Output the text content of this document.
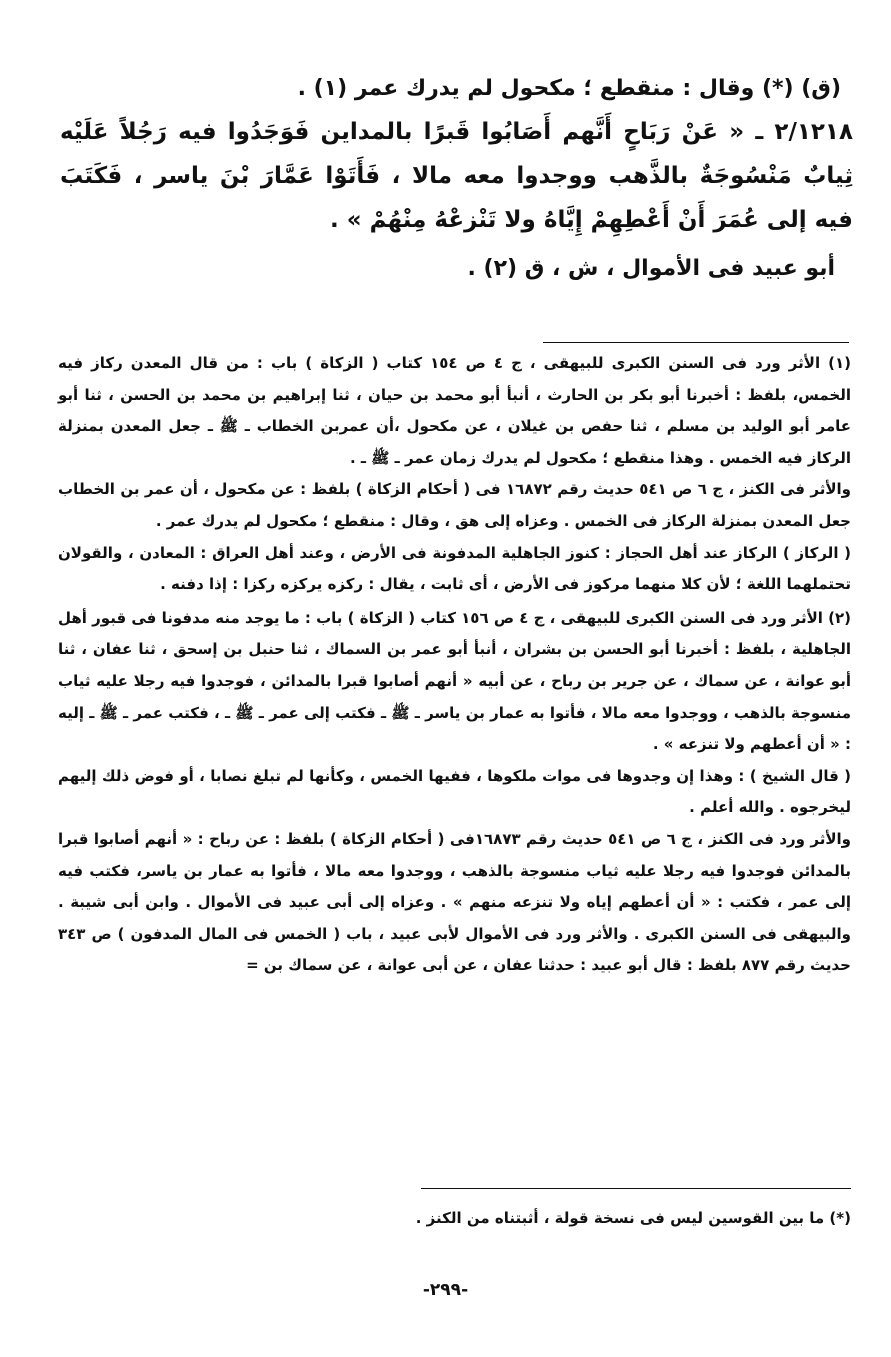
(ق) (*) وقال : منقطع ؛ مكحول لم يدرك عمر (١) .

٢/١٢١٨ ـ « عَنْ رَبَاحٍ أَنَّهم أَصَابُوا قَبرًا بالمداين فَوَجَدُوا فيه رَجُلاً عَلَيْه ثِيابٌ مَنْسُوجَةٌ بالذَّهب ووجدوا معه مالا ، فَأَتَوْا عَمَّارَ بْنَ ياسر ، فَكَتَبَ فيه إلى عُمَرَ أَنْ أَعْطِهِمْ إِيَّاهُ ولا تَنْزعْهُ مِنْهُمْ » .

أبو عبيد فى الأموال ، ش ، ق (٢) .

(١) الأثر ورد فى السنن الكبرى للبيهقى ، ج ٤ ص ١٥٤ كتاب ( الزكاة ) باب : من قال المعدن ركاز فيه الخمس، بلفظ : أخبرنا أبو بكر بن الحارث ، أنبأ أبو محمد بن حيان ، ثنا إبراهيم بن محمد بن الحسن ، ثنا أبو عامر أبو الوليد بن مسلم ، ثنا حفص بن غيلان ، عن مكحول ،أن عمربن الخطاب ـ ﷺ ـ جعل المعدن بمنزلة الركاز فيه الخمس . وهذا منقطع ؛ مكحول لم يدرك زمان عمر ـ ﷺ ـ .

والأثر فى الكنز ، ج ٦ ص ٥٤١ حديث رقم ١٦٨٧٢ فى ( أحكام الزكاة ) بلفظ : عن مكحول ، أن عمر بن الخطاب جعل المعدن بمنزلة الركاز فى الخمس . وعزاه إلى هق ، وقال : منقطع ؛ مكحول لم يدرك عمر .

( الركاز ) الركاز عند أهل الحجاز : كنوز الجاهلية المدفونة فى الأرض ، وعند أهل العراق : المعادن ، والقولان تحتملهما اللغة ؛ لأن كلا منهما مركوز فى الأرض ، أى ثابت ، يقال : ركزه يركزه ركزا : إذا دفنه .

(٢) الأثر ورد فى السنن الكبرى للبيهقى ، ج ٤ ص ١٥٦ كتاب ( الزكاة ) باب : ما يوجد منه مدفونا فى قبور أهل الجاهلية ، بلفظ : أخبرنا أبو الحسن بن بشران ، أنبأ أبو عمر بن السماك ، ثنا حنبل بن إسحق ، ثنا عفان ، ثنا أبو عوانة ، عن سماك ، عن جرير بن رباح ، عن أبيه « أنهم أصابوا قبرا بالمدائن ، فوجدوا فيه رجلا عليه ثياب منسوجة بالذهب ، ووجدوا معه مالا ، فأتوا به عمار بن ياسر ـ ﷺ ـ فكتب إلى عمر ـ ﷺ ـ ، فكتب عمر ـ ﷺ ـ إليه : « أن أعطهم ولا تنزعه » .

( قال الشيخ ) : وهذا إن وجدوها فى موات ملكوها ، ففيها الخمس ، وكأنها لم تبلغ نصابا ، أو فوض ذلك إليهم ليخرجوه . والله أعلم .

والأثر ورد فى الكنز ، ج ٦ ص ٥٤١ حديث رقم ١٦٨٧٣فى ( أحكام الزكاة ) بلفظ : عن رباح : « أنهم أصابوا قبرا بالمدائن فوجدوا فيه رجلا عليه ثياب منسوجة بالذهب ، ووجدوا معه مالا ، فأتوا به عمار بن ياسر، فكتب فيه إلى عمر ، فكتب : « أن أعطهم إياه ولا تنزعه منهم » . وعزاه إلى أبى عبيد فى الأموال . وابن أبى شيبة . والبيهقى فى السنن الكبرى . والأثر ورد فى الأموال لأبى عبيد ، باب ( الخمس فى المال المدفون ) ص ٣٤٣ حديث رقم ٨٧٧ بلفظ : قال أبو عبيد : حدثنا عفان ، عن أبى عوانة ، عن سماك بن =

(*) ما بين القوسين ليس فى نسخة قولة ، أثبتناه من الكنز .
-٢٩٩-
